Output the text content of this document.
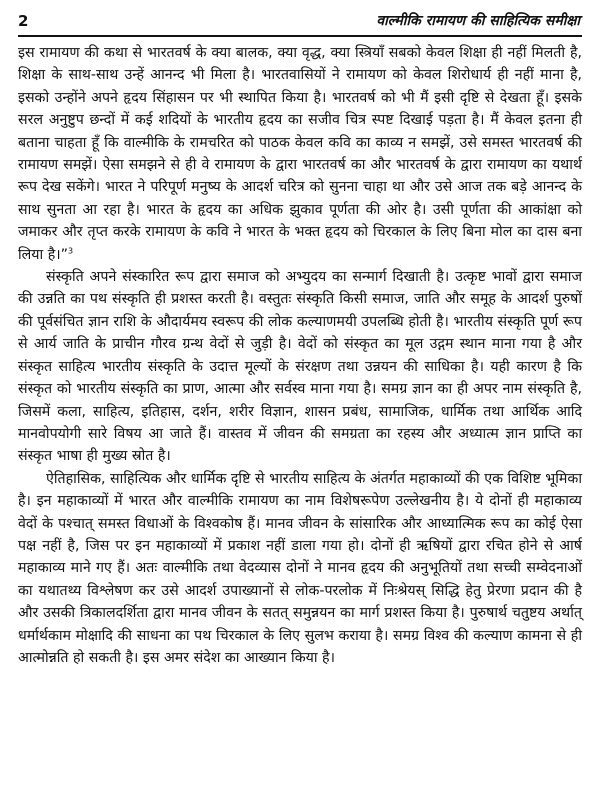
2	वाल्मीकि रामायण की साहित्यिक समीक्षा

इस रामायण की कथा से भारतवर्ष के क्या बालक, क्या वृद्ध, क्या स्त्रियाँ सबको केवल शिक्षा ही नहीं मिलती है, शिक्षा के साथ-साथ उन्हें आनन्द भी मिला है। भारतवासियों ने रामायण को केवल शिरोधार्य ही नहीं माना है, इसको उन्होंने अपने हृदय सिंहासन पर भी स्थापित किया है। भारतवर्ष को भी मैं इसी दृष्टि से देखता हूँ। इसके सरल अनुष्टुप छन्दों में कई शदियों के भारतीय हृदय का सजीव चित्र स्पष्ट दिखाई पड़ता है। मैं केवल इतना ही बताना चाहता हूँ कि वाल्मीकि के रामचरित को पाठक केवल कवि का काव्य न समझें, उसे समस्त भारतवर्ष की रामायण समझें। ऐसा समझने से ही वे रामायण के द्वारा भारतवर्ष का और भारतवर्ष के द्वारा रामायण का यथार्थ रूप देख सकेंगे। भारत ने परिपूर्ण मनुष्य के आदर्श चरित्र को सुनना चाहा था और उसे आज तक बड़े आनन्द के साथ सुनता आ रहा है। भारत के हृदय का अधिक झुकाव पूर्णता की ओर है। उसी पूर्णता की आकांक्षा को जमाकर और तृप्त करके रामायण के कवि ने भारत के भक्त हृदय को चिरकाल के लिए बिना मोल का दास बना लिया है।”$^3$

संस्कृति अपने संस्कारित रूप द्वारा समाज को अभ्युदय का सन्मार्ग दिखाती है। उत्कृष्ट भावों द्वारा समाज की उन्नति का पथ संस्कृति ही प्रशस्त करती है। वस्तुतः संस्कृति किसी समाज, जाति और समूह के आदर्श पुरुषों की पूर्वसंचित ज्ञान राशि के औदार्यमय स्वरूप की लोक कल्याणमयी उपलब्धि होती है। भारतीय संस्कृति पूर्ण रूप से आर्य जाति के प्राचीन गौरव ग्रन्थ वेदों से जुड़ी है। वेदों को संस्कृत का मूल उद्गम स्थान माना गया है और संस्कृत साहित्य भारतीय संस्कृति के उदात्त मूल्यों के संरक्षण तथा उन्नयन की साधिका है। यही कारण है कि संस्कृत को भारतीय संस्कृति का प्राण, आत्मा और सर्वस्व माना गया है। समग्र ज्ञान का ही अपर नाम संस्कृति है, जिसमें कला, साहित्य, इतिहास, दर्शन, शरीर विज्ञान, शासन प्रबंध, सामाजिक, धार्मिक तथा आर्थिक आदि मानवोपयोगी सारे विषय आ जाते हैं। वास्तव में जीवन की समग्रता का रहस्य और अध्यात्म ज्ञान प्राप्ति का संस्कृत भाषा ही मुख्य स्रोत है।

ऐतिहासिक, साहित्यिक और धार्मिक दृष्टि से भारतीय साहित्य के अंतर्गत महाकाव्यों की एक विशिष्ट भूमिका है। इन महाकाव्यों में भारत और वाल्मीकि रामायण का नाम विशेषरूपेण उल्लेखनीय है। ये दोनों ही महाकाव्य वेदों के पश्चात् समस्त विधाओं के विश्वकोष हैं। मानव जीवन के सांसारिक और आध्यात्मिक रूप का कोई ऐसा पक्ष नहीं है, जिस पर इन महाकाव्यों में प्रकाश नहीं डाला गया हो। दोनों ही ऋषियों द्वारा रचित होने से आर्ष महाकाव्य माने गए हैं। अतः वाल्मीकि तथा वेदव्यास दोनों ने मानव हृदय की अनुभूतियों तथा सच्ची सम्वेदनाओं का यथातथ्य विश्लेषण कर उसे आदर्श उपाख्यानों से लोक-परलोक में निःश्रेयस् सिद्धि हेतु प्रेरणा प्रदान की है और उसकी त्रिकालदर्शिता द्वारा मानव जीवन के सतत् समुन्नयन का मार्ग प्रशस्त किया है। पुरुषार्थ चतुष्टय अर्थात् धर्मार्थकाम मोक्षादि की साधना का पथ चिरकाल के लिए सुलभ कराया है। समग्र विश्व की कल्याण कामना से ही आत्मोन्नति हो सकती है। इस अमर संदेश का आख्यान किया है।
